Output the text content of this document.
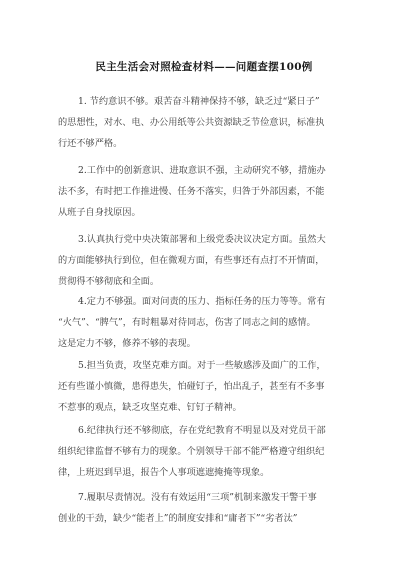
民主生活会对照检查材料——问题查摆100例
1. 节约意识不够。艰苦奋斗精神保持不够，缺乏过“紧日子”
的思想性，对水、电、办公用纸等公共资源缺乏节俭意识，标准执
行还不够严格。
2.工作中的创新意识、进取意识不强，主动研究不够，措施办
法不多，有时把工作推进慢、任务不落实，归咎于外部因素，不能
从班子自身找原因。
3.认真执行党中央决策部署和上级党委决议决定方面。虽然大
的方面能够执行到位，但在微观方面，有些事还有点打不开情面，
贯彻得不够彻底和全面。
4.定力不够强。面对问责的压力、指标任务的压力等等。常有
“火气”、“脾气”，有时粗暴对待同志，伤害了同志之间的感情。
这是定力不够，修养不够的表现。
5.担当负责，攻坚克难方面。对于一些敏感涉及面广的工作，
还有些谨小慎微，患得患失，怕碰钉子，怕出乱子，甚至有不多事
不惹事的观点，缺乏攻坚克难、钉钉子精神。
6.纪律执行还不够彻底，存在党纪教育不明显以及对党员干部
组织纪律监督不够有力的现象。个别领导干部不能严格遵守组织纪
律，上班迟到早退，报告个人事项遮遮掩掩等现象。
7.履职尽责情况。没有有效运用“三项”机制来激发干警干事
创业的干劲，缺少“能者上”的制度安排和“庸者下”“劣者汰”
